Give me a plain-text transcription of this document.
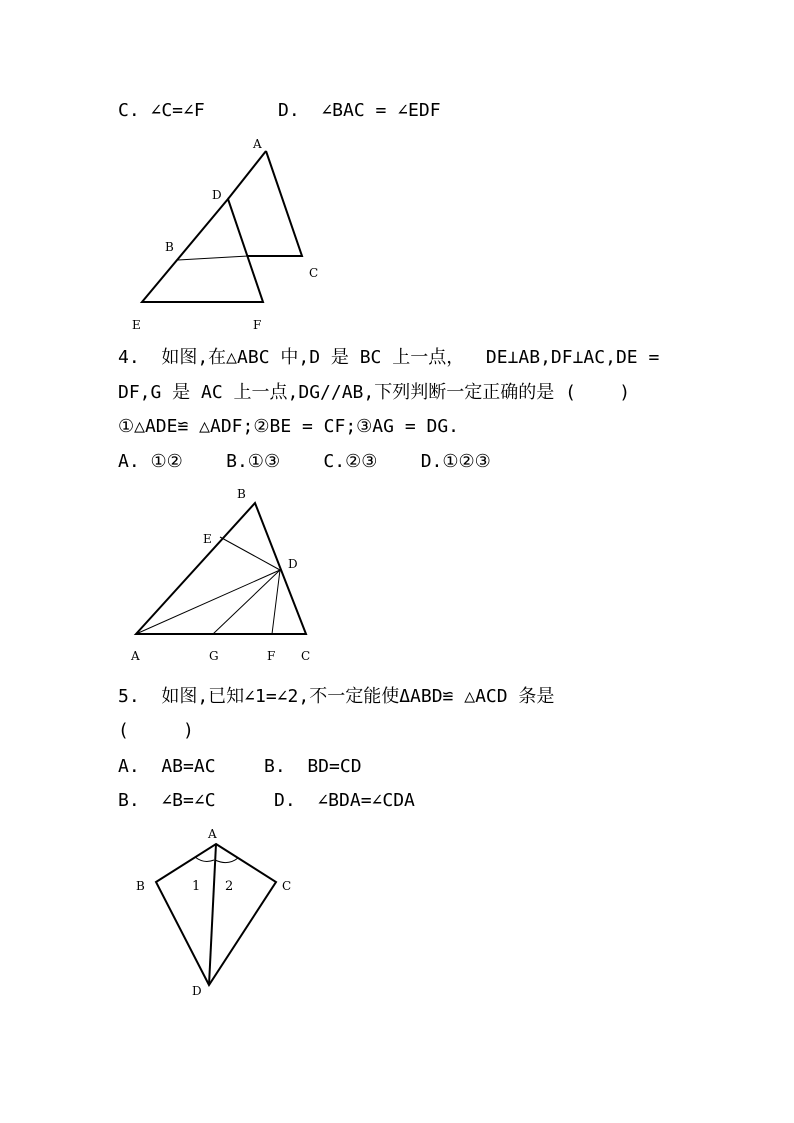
C. ∠C=∠F	D.  ∠BAC = ∠EDF
A
D
B
C
E	F
4.  如图,在△ABC 中,D 是 BC 上一点，  DE⊥AB,DF⊥AC,DE =
DF,G 是 AC 上一点,DG//AB,下列判断一定正确的是 (    )
①△ADE≌ △ADF;②BE = CF;③AG = DG.
A. ①②    B.①③    C.②③    D.①②③
B
E
D
A	G	F C
5.  如图,已知∠1=∠2,不一定能使ΔABD≌ △ACD 条是
(     )
A.  AB=AC	B.  BD=CD
B.  ∠B=∠C	D.  ∠BDA=∠CDA
A
B	C
D
1 2
